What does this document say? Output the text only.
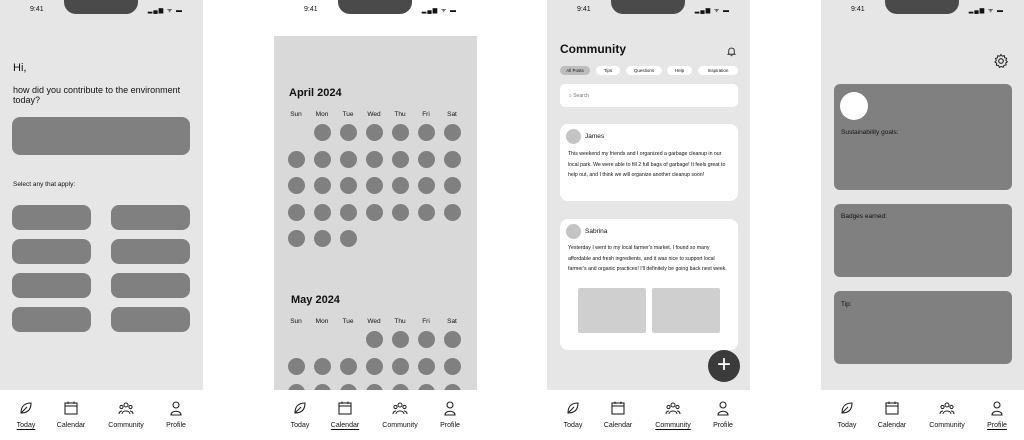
9:41	▂▄▆ ᯤ ▬
Hi,
how did you contribute to the environment today?
Select any that apply:
Today	Calendar	Community	Profile
9:41	▂▄▆ ᯤ ▬
Today	Calendar	Community	Profile
April 2024
May 2024
Sun	Mon	Tue	Wed	Thu	Fri	Sat
Sun	Mon	Tue	Wed	Thu	Fri	Sat
9:41	▂▄▆ ᯤ ▬
Today	Calendar	Community	Profile
Community
All Posts	Tips	Questions	Help	Inspiration
⌕ Search
James
This weekend my friends and I organized a garbage cleanup in our local park. We were able to fill 2 full bags of garbage! It feels great to help out, and I think we will organize another cleanup soon!
Sabrina
Yesterday I went to my local farmer's market. I found so many affordable and fresh ingredients, and it was nice to support local farmer's and organic practices! I'll definitely be going back next week.
+
9:41	▂▄▆ ᯤ ▬
Today	Calendar	Community	Profile
Sustainability goals:
Badges earned:
Tip:
